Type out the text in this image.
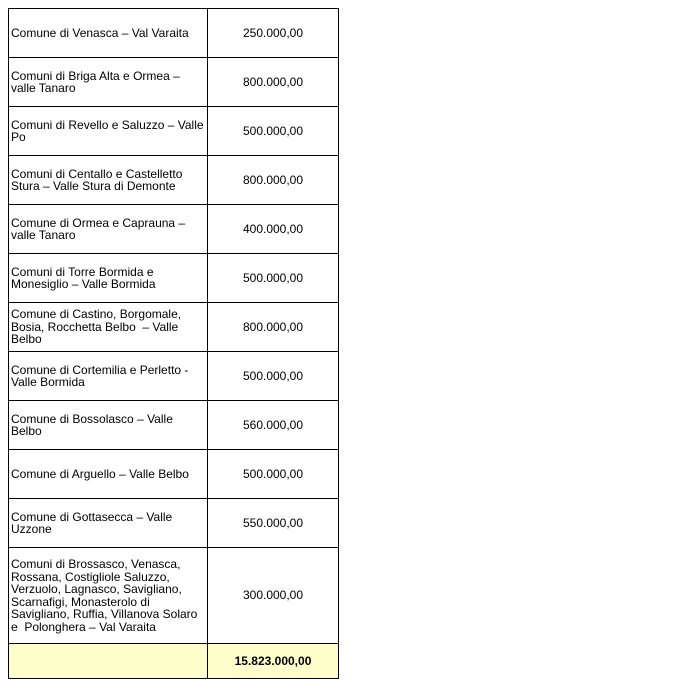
Comune di Venasca – Val Varaita	250.000,00
Comuni di Briga Alta e Ormea – valle Tanaro	800.000,00
Comuni di Revello e Saluzzo – Valle Po	500.000,00
Comuni di Centallo e Castelletto Stura – Valle Stura di Demonte	800.000,00
Comune di Ormea e Caprauna – valle Tanaro	400.000,00
Comuni di Torre Bormida e Monesiglio – Valle Bormida	500.000,00
Comune di Castino, Borgomale, Bosia, Rocchetta Belbo  – Valle Belbo	800.000,00
Comune di Cortemilia e Perletto - Valle Bormida	500.000,00
Comune di Bossolasco – Valle Belbo	560.000,00
Comune di Arguello – Valle Belbo	500.000,00
Comune di Gottasecca – Valle Uzzone	550.000,00
Comuni di Brossasco, Venasca, Rossana, Costigliole Saluzzo, Verzuolo, Lagnasco, Savigliano, Scarnafigi, Monasterolo di Savigliano, Ruffia, Villanova Solaro e  Polonghera – Val Varaita	300.000,00
	15.823.000,00
